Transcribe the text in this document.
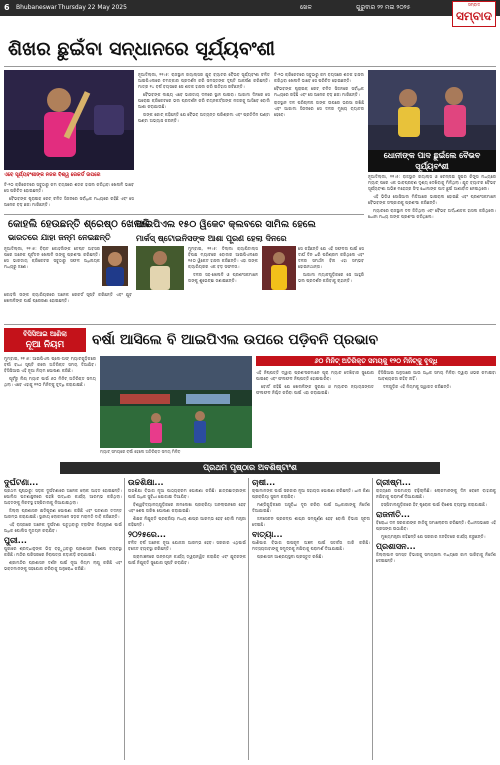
6 Bhubaneswar Thursday 22 May 2025	ଖେଳ	ଗୁରୁବାର ୨୨ ମଇ ୨୦୨୫	ସମ୍ବାଦ
ସମ୍ବାଦ
ଶିଖର ଛୁଇଁବା ସନ୍ଧାନରେ ସୂର୍ଯ୍ୟବଂଶୀ

ନୂଆଦିଲ୍ଲୀ, ୨୧।୫: ରାଜସ୍ଥାନ ରୟାଲ୍ସର ଯୁବ ବ୍ୟାଟର ବୈଭବ ସୂର୍ଯ୍ୟବଂଶୀ ଚଳିତ ଆଇପିଏଲରେ ଚମତ୍କାର ପ୍ରଦର୍ଶନ କରି ସମସ୍ତଙ୍କ ଦୃଷ୍ଟି ଆକର୍ଷଣ କରିଛନ୍ତି। ମାତ୍ର ୧୪ ବର୍ଷ ବୟସରେ ସେ ଶତକ ହାସଲ କରି ଇତିହାସ ରଚିଛନ୍ତି।

ବୈଭବଙ୍କ ଲକ୍ଷ୍ୟ ଏବେ ଭାରତୀୟ ଦଳରେ ସ୍ଥାନ ପାଇବା। ଆଗାମୀ ଦିନରେ ସେ ଘରୋଇ କ୍ରିକେଟରେ ଭଲ ପ୍ରଦର୍ଶନ କରି ଚୟନକର୍ତ୍ତାଙ୍କ ନଜରକୁ ଆସିବେ ବୋଲି ଆଶା କରାଯାଉଛି।

ତାଙ୍କ କୋଚ୍ କହିଛନ୍ତି ଯେ ବୈଭବ ଅତ୍ୟନ୍ତ ପରିଶ୍ରମୀ ଏବଂ ପ୍ରତିଦିନ ଘଣ୍ଟା ଘଣ୍ଟା ଅଭ୍ୟାସ କରନ୍ତି।

ଏବେ ସୂର୍ଯ୍ୟବଂଶୀଙ୍କ ନଜର ବିଶ୍ୱ ରେକର୍ଡ ଉପରେ

ଟି-୨୦ କ୍ରିକେଟରେ ସବୁଠାରୁ କମ ବୟସରେ ଶତକ ହାସଲ କରିଥିବା ଖେଳାଳି ଭାବେ ସେ ପରିଚିତ ହୋଇଛନ୍ତି।

ବୈଭବଙ୍କ ଷ୍ଟ୍ରାଇକ୍ ରେଟ୍ ଚଳିତ ସିଜନରେ ସର୍ବାଧିକ ମଧ୍ୟରେ ରହିଛି ଏବଂ ସେ ଅନେକ ବଡ଼ ଛକା ମାରିଛନ୍ତି।

ଟି-୨୦ କ୍ରିକେଟରେ ସବୁଠାରୁ କମ ବୟସରେ ଶତକ ହାସଲ କରିଥିବା ଖେଳାଳି ଭାବେ ସେ ପରିଚିତ ହୋଇଛନ୍ତି।

ବୈଭବଙ୍କ ଷ୍ଟ୍ରାଇକ୍ ରେଟ୍ ଚଳିତ ସିଜନରେ ସର୍ବାଧିକ ମଧ୍ୟରେ ରହିଛି ଏବଂ ସେ ଅନେକ ବଡ଼ ଛକା ମାରିଛନ୍ତି।

ରାଜସ୍ଥାନ ଦଳ ପରିଚାଳନା ତାଙ୍କ ଉପରେ ଭରସା ରଖିଛି ଏବଂ ଆଗାମୀ ସିଜନରେ ସେ ଦଳର ମୁଖ୍ୟ ବ୍ୟାଟର ହେବେ।

ଧୋନୀଙ୍କ ପାଦ ଛୁଇଁଲେ ବୈଭବ ସୂର୍ଯ୍ୟବଂଶୀ

ନୂଆଦିଲ୍ଲୀ, ୨୧।୫: ରାଜସ୍ଥାନ ରୟାଲ୍ସ ଓ ଚେନ୍ନାଇ ସୁପର କିଙ୍ଗ୍ସ ମଧ୍ୟରେ ମ୍ୟାଚ୍ ପରେ ଏକ ଭାବପ୍ରବଣ ଦୃଶ୍ୟ ଦେଖିବାକୁ ମିଳିଥିଲା। ଯୁବ ବ୍ୟାଟର ବୈଭବ ସୂର୍ଯ୍ୟବଂଶୀ ଅଭିଜ୍ଞ ମହେନ୍ଦ୍ର ସିଂହ ଧୋନୀଙ୍କ ପାଦ ଛୁଇଁ ଆଶୀର୍ବାଦ ନେଇଥିଲେ।

ଏହି ଭିଡିଓ ସୋସିଆଲ ମିଡିଆରେ ଭାଇରାଲ ହୋଇଛି ଏବଂ ପ୍ରଶଂସକମାନେ ବୈଭବଙ୍କ ସଂସ୍କାରକୁ ପ୍ରଶଂସା କରିଛନ୍ତି।

ମ୍ୟାଚରେ ରାଜସ୍ଥାନ ଦଳ ଜିତିଥିଲା ଏବଂ ବୈଭବ ଅର୍ଦ୍ଧଶତକ ହାସଲ କରିଥିଲେ। ଧୋନୀ ମଧ୍ୟ ତାଙ୍କ ପ୍ରଶଂସା କରିଥିଲେ।

କୋହଲି ହେଉଛନ୍ତି ଶ୍ରେଷ୍ଠ ଖେଳାଳି
ଭାରତରେ ଯାହା ଜନ୍ମ ନେଇଛନ୍ତି

ନୂଆଦିଲ୍ଲୀ, ୨୧।୫: ବିରାଟ କୋହଲିଙ୍କ ଟେଷ୍ଟ ଅବସର ପରେ ଅନେକ ପୂର୍ବତନ ଖେଳାଳି ତାଙ୍କୁ ପ୍ରଶଂସା କରିଛନ୍ତି। ସେ ଭାରତୀୟ କ୍ରିକେଟର ସବୁଠାରୁ ସଫଳ ଅଧିନାୟକ ମଧ୍ୟରୁ ଜଣେ।

କୋହଲି ତାଙ୍କ କ୍ୟାରିୟରରେ ଅନେକ ରେକର୍ଡ ସୃଷ୍ଟି କରିଛନ୍ତି ଏବଂ ଯୁବ ଖେଳାଳିଙ୍କ ପାଇଁ ପ୍ରେରଣା ହୋଇଛନ୍ତି।

ଆଇପିଏଲ ୧୫୦ ୱିକେଟ କ୍ଲବରେ ସାମିଲ ହେଲେ
ମାର୍କସ୍ ଷ୍ଟୋଇନିସଙ୍କ ଆଶା ପୂରଣ ହେଲା ଦିନରେ

ମୁମ୍ବାଇ, ୨୧।୫: ଦିଲ୍ଲୀ କ୍ୟାପିଟାଲ୍ସ ବିପକ୍ଷ ମ୍ୟାଚରେ ବୋଲର ଆଇପିଏଲରେ ୧୫୦ ୱିକେଟ ହାସଲ କରିଛନ୍ତି। ଏହା ତାଙ୍କ କ୍ୟାରିୟରର ଏକ ବଡ଼ ସଫଳତା।

ଦଳର ସହ-ଖେଳାଳି ଓ ପ୍ରଶଂସକମାନେ ତାଙ୍କୁ ଶୁଭେଚ୍ଛା ଜଣାଇଛନ୍ତି।

ସେ କହିଛନ୍ତି ଯେ ଏହି ସଫଳତା ପାଇଁ ସେ ଦୀର୍ଘ ଦିନ ଧରି ପରିଶ୍ରମ କରିଥିଲେ ଏବଂ ଦଳର ସମର୍ଥନ ବିନା ଏହା ସମ୍ଭବ ହୋଇନଥାନ୍ତା।

ଆଗାମୀ ମ୍ୟାଚଗୁଡ଼ିକରେ ସେ ଆହୁରି ଭଲ ପ୍ରଦର୍ଶନ କରିବାକୁ ଚାହାନ୍ତି।

ବିସିସିଆଇ ଆଣିଲା
ନୂଆ ନିୟମ	ବର୍ଷା ଆସିଲେ ବି ଆଇପିଏଲ ଉପରେ ପଡ଼ିବନି ପ୍ରଭାବ

ମୁମ୍ବାଇ, ୨୧।୫: ଆଇପିଏଲ ପ୍ଲେ-ଅଫ୍ ମ୍ୟାଚଗୁଡ଼ିକରେ ବର୍ଷା ବାଧା ସୃଷ୍ଟି କଲେ ଅତିରିକ୍ତ ସମୟ ଦିଆଯିବ। ବିସିସିଆଇ ଏହି ନୂଆ ନିୟମ ଘୋଷଣା କରିଛି।

ପୂର୍ବରୁ ଲିଗ୍ ମ୍ୟାଚ ପାଇଁ ୬୦ ମିନିଟ୍ ଅତିରିକ୍ତ ସମୟ ଥିଲା। ଏବେ ଏହାକୁ ୧୨୦ ମିନିଟ୍‌କୁ ବୃଦ୍ଧି କରାଯାଇଛି।

ମ୍ୟାଚ୍ ସମୟରେ ବର୍ଷା ହେଲେ ଅତିରିକ୍ତ ସମୟ ମିଳିବ
୬୦ ମିନିଟ୍ ଅତିରିକ୍ତ ସମୟକୁ ୧୨୦ ମିନିଟ୍‌କୁ ବୃଦ୍ଧି

ଏହି ନିଷ୍ପତ୍ତି ଦ୍ୱାରା ପ୍ରଶଂସକମାନେ ପୂରା ମ୍ୟାଚ ଦେଖିବାର ସୁଯୋଗ ପାଇବେ ଏବଂ ଫଳାଫଳ ନିଷ୍ପତ୍ତି ହୋଇପାରିବ।

ବୋର୍ଡ କହିଛି ଯେ ଖେଳାଳିଙ୍କ ସୁରକ୍ଷା ଓ ମ୍ୟାଚର ନ୍ୟାୟସଙ୍ଗତ ଫଳାଫଳ ନିଶ୍ଚିତ କରିବା ପାଇଁ ଏହା କରାଯାଇଛି।

ବିସିସିଆଇ ଅନୁସାରେ ଆଉ ଅଧିକ ସମୟ ମିଳିବା ଦ୍ୱାରା ଓଭର କମାଇବା ଆବଶ୍ୟକତା ରହିବ ନାହିଁ।

ଦଳଗୁଡ଼ିକ ଏହି ନିୟମକୁ ସ୍ୱାଗତ କରିଛନ୍ତି।

ପ୍ରଥମ ପୃଷ୍ଠାର ଅବଶିଷ୍ଟାଂଶ
ଦୁର୍ଘଟଣା...

ପ୍ରଥମ ପୃଷ୍ଠାରୁ: ସଡ଼କ ଦୁର୍ଘଟଣାରେ ଅନେକ ଲୋକ ଆହତ ହୋଇଛନ୍ତି। ପୋଲିସ ଘଟଣାସ୍ଥଳରେ ପହଞ୍ଚି ଉଦ୍ଧାର କାର୍ଯ୍ୟ ଆରମ୍ଭ କରିଥିଲା। ଆହତଙ୍କୁ ନିକଟସ୍ଥ ହସ୍ପିଟାଲକୁ ନିଆଯାଇଥିଲା।

ଜିଲ୍ଲା ପ୍ରଶାସନ କ୍ଷତିପୂରଣ ଘୋଷଣା କରିଛି ଏବଂ ଘଟଣାର ତଦନ୍ତ ଆରମ୍ଭ କରାଯାଇଛି। ସ୍ଥାନୀୟ ଲୋକମାନେ ସଡ଼କ ମରାମତି ଦାବି କରିଛନ୍ତି।

ଏହି ରାସ୍ତାରେ ଅନେକ ଦୁର୍ଘଟଣା ଘଟୁଥିବାରୁ ଟ୍ରାଫିକ ନିୟନ୍ତ୍ରଣ ପାଇଁ ଅଧିକ ପୋଲିସ ମୁତୟନ କରାଯିବ।

ପୁରୀ...

ପୁରୀରେ ଶ୍ରଦ୍ଧାଳୁଙ୍କ ଭିଡ଼ ବଢ଼ୁଥିବାରୁ ପ୍ରଶାସନ ବିଶେଷ ବ୍ୟବସ୍ଥା କରିଛି। ମନ୍ଦିର ପରିସରରେ ନିରାପତ୍ତା କଡ଼ାକଡ଼ି କରାଯାଇଛି।

ଶ୍ରୀମନ୍ଦିର ପ୍ରଶାସନ ଦର୍ଶନ ପାଇଁ ନୂଆ ନିୟମ ଲାଗୁ କରିଛି ଏବଂ ଭକ୍ତମାନଙ୍କୁ ସହଯୋଗ କରିବାକୁ ଅନୁରୋଧ କରିଛି।

ଉଚ୍ଚଶିକ୍ଷା...

ଉଚ୍ଚଶିକ୍ଷା ବିଭାଗ ନୂଆ ପାଠ୍ୟକ୍ରମ ଘୋଷଣା କରିଛି। ଛାତ୍ରଛାତ୍ରୀଙ୍କ ପାଇଁ ଅଧିକ ସୁବିଧା ଯୋଗାଇ ଦିଆଯିବ।

ବିଶ୍ୱବିଦ୍ୟାଳୟଗୁଡ଼ିକରେ ନାମଲେଖା ପ୍ରକ୍ରିୟା ଅନଲାଇନରେ ହେବ ଏବଂ ଶେଷ ତାରିଖ ଘୋଷଣା କରାଯାଇଛି।

ଶିକ୍ଷକ ନିଯୁକ୍ତି ପ୍ରକ୍ରିୟା ମଧ୍ୟ ଶୀଘ୍ର ଆରମ୍ଭ ହେବ ବୋଲି ମନ୍ତ୍ରୀ କହିଛନ୍ତି।

୨୦୨୫ରେ...

ଚଳିତ ବର୍ଷ ଅନେକ ନୂଆ ଯୋଜନା ଆରମ୍ଭ ହେବ। ସରକାର ଏଥିପାଇଁ ବଜେଟ ବ୍ୟବସ୍ଥା କରିଛନ୍ତି।

ଗ୍ରାମାଞ୍ଚଳରେ ଉନ୍ନୟନ କାର୍ଯ୍ୟ ତ୍ୱରାନ୍ୱିତ କରାଯିବ ଏବଂ ଯୁବକଙ୍କ ପାଇଁ ନିଯୁକ୍ତି ସୁଯୋଗ ସୃଷ୍ଟି କରାଯିବ।

ଚାଷୀ...

ଚାଷୀମାନଙ୍କ ପାଇଁ ସରକାର ନୂଆ ସହାୟତା ଘୋଷଣା କରିଛନ୍ତି। ଧାନ କିଣା ପ୍ରକ୍ରିୟା ସୁଗମ କରାଯିବ।

ମଣ୍ଡିଗୁଡ଼ିକରେ ଅସୁବିଧା ଦୂର କରିବା ପାଇଁ ଅଧିକାରୀଙ୍କୁ ନିର୍ଦ୍ଦେଶ ଦିଆଯାଇଛି।

ଜଳସେଚନ ପ୍ରକଳ୍ପ ଶୀଘ୍ର ସମ୍ପୂର୍ଣ୍ଣ ହେବ ବୋଲି ବିଭାଗ ସୂଚନା ଦେଇଛି।

ବାତ୍ୟା...

ପାଣିପାଗ ବିଭାଗ ଉପକୂଳ ଅଞ୍ଚଳ ପାଇଁ ସତର୍କତା ଜାରି କରିଛି। ମତ୍ସ୍ୟଜୀବୀଙ୍କୁ ସମୁଦ୍ରକୁ ନଯିବାକୁ ପରାମର୍ଶ ଦିଆଯାଇଛି।

ପ୍ରଶାସନ ଆଶ୍ରୟସ୍ଥଳୀ ପ୍ରସ୍ତୁତ ରଖିଛି।

ଗ୍ରୀଷ୍ମ...

ରାଜ୍ୟରେ ତାପମାତ୍ରା ବଢ଼ିଚାଲିଛି। ଲୋକମାନଙ୍କୁ ଦିନ ବେଳେ ବାହାରକୁ ନଯିବାକୁ ପରାମର୍ଶ ଦିଆଯାଇଛି।

ହସ୍ପିଟାଲଗୁଡ଼ିକରେ ହିଟ୍ ଷ୍ଟ୍ରୋକ ପାଇଁ ବିଶେଷ ବ୍ୟବସ୍ଥା କରାଯାଇଛି।

ରାଜନୀତି...

ବିରୋଧୀ ଦଳ ସରକାରଙ୍କ ନୀତିକୁ ସମାଲୋଚନା କରିଛନ୍ତି। ବିଧାନସଭାରେ ଏହି ପ୍ରସଙ୍ଗ ଉଠାଯିବ।

ମୁଖ୍ୟମନ୍ତ୍ରୀ କହିଛନ୍ତି ଯେ ସରକାର ଜନହିତରେ କାର୍ଯ୍ୟ କରୁଛନ୍ତି।

ପ୍ରଶାସନ...

ଜିଲ୍ଲାପାଳ ସମସ୍ତ ବିଭାଗକୁ ସମୟସୀମା ମଧ୍ୟରେ କାମ ସାରିବାକୁ ନିର୍ଦ୍ଦେଶ ଦେଇଛନ୍ତି।
